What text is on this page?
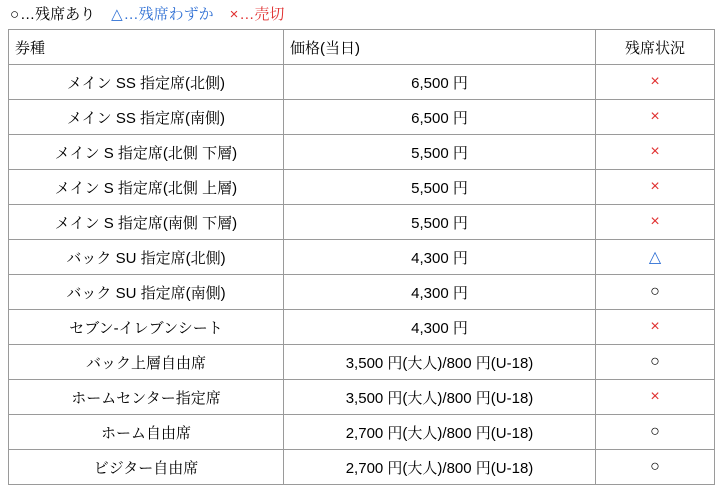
○ … 残席あり △ … 残席わずか × … 売切
券種	価格(当日)	残席状況
メイン SS 指定席(北側)	6,500 円	×
メイン SS 指定席(南側)	6,500 円	×
メイン S 指定席(北側 下層)	5,500 円	×
メイン S 指定席(北側 上層)	5,500 円	×
メイン S 指定席(南側 下層)	5,500 円	×
バック SU 指定席(北側)	4,300 円	△
バック SU 指定席(南側)	4,300 円	○
セブン-イレブンシート	4,300 円	×
バック上層自由席	3,500 円(大人)/800 円(U-18)	○
ホームセンター指定席	3,500 円(大人)/800 円(U-18)	×
ホーム自由席	2,700 円(大人)/800 円(U-18)	○
ビジター自由席	2,700 円(大人)/800 円(U-18)	○
